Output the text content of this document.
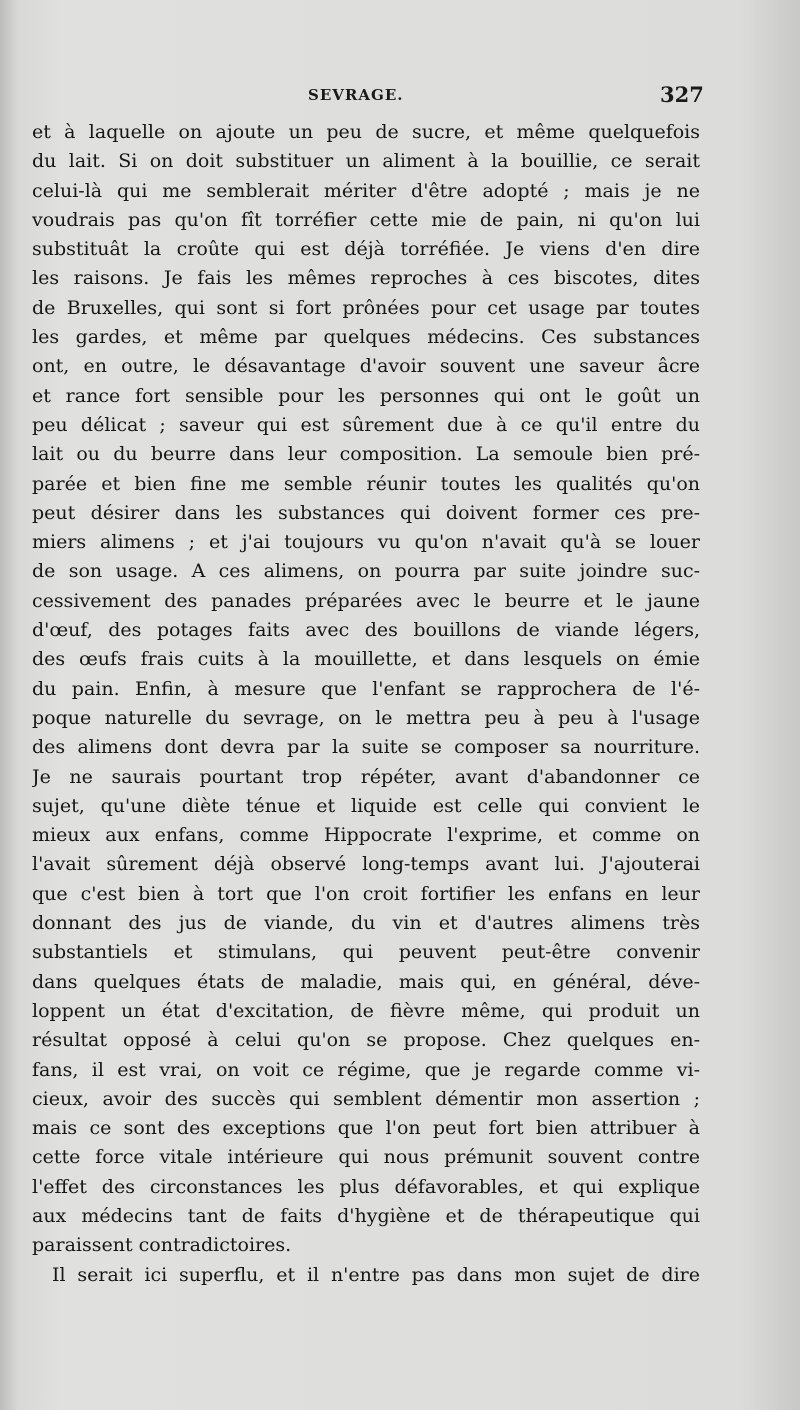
SEVRAGE.	327
et à laquelle on ajoute un peu de sucre, et même quelquefois
du lait. Si on doit substituer un aliment à la bouillie, ce serait
celui-là qui me semblerait mériter d'être adopté ; mais je ne
voudrais pas qu'on fît torréfier cette mie de pain, ni qu'on lui
substituât la croûte qui est déjà torréfiée. Je viens d'en dire
les raisons. Je fais les mêmes reproches à ces biscotes, dites
de Bruxelles, qui sont si fort prônées pour cet usage par toutes
les gardes, et même par quelques médecins. Ces substances
ont, en outre, le désavantage d'avoir souvent une saveur âcre
et rance fort sensible pour les personnes qui ont le goût un
peu délicat ; saveur qui est sûrement due à ce qu'il entre du
lait ou du beurre dans leur composition. La semoule bien pré-
parée et bien fine me semble réunir toutes les qualités qu'on
peut désirer dans les substances qui doivent former ces pre-
miers alimens ; et j'ai toujours vu qu'on n'avait qu'à se louer
de son usage. A ces alimens, on pourra par suite joindre suc-
cessivement des panades préparées avec le beurre et le jaune
d'œuf, des potages faits avec des bouillons de viande légers,
des œufs frais cuits à la mouillette, et dans lesquels on émie
du pain. Enfin, à mesure que l'enfant se rapprochera de l'é-
poque naturelle du sevrage, on le mettra peu à peu à l'usage
des alimens dont devra par la suite se composer sa nourriture.
Je ne saurais pourtant trop répéter, avant d'abandonner ce
sujet, qu'une diète ténue et liquide est celle qui convient le
mieux aux enfans, comme Hippocrate l'exprime, et comme on
l'avait sûrement déjà observé long-temps avant lui. J'ajouterai
que c'est bien à tort que l'on croit fortifier les enfans en leur
donnant des jus de viande, du vin et d'autres alimens très
substantiels et stimulans, qui peuvent peut-être convenir
dans quelques états de maladie, mais qui, en général, déve-
loppent un état d'excitation, de fièvre même, qui produit un
résultat opposé à celui qu'on se propose. Chez quelques en-
fans, il est vrai, on voit ce régime, que je regarde comme vi-
cieux, avoir des succès qui semblent démentir mon assertion ;
mais ce sont des exceptions que l'on peut fort bien attribuer à
cette force vitale intérieure qui nous prémunit souvent contre
l'effet des circonstances les plus défavorables, et qui explique
aux médecins tant de faits d'hygiène et de thérapeutique qui
paraissent contradictoires.
Il serait ici superflu, et il n'entre pas dans mon sujet de dire
